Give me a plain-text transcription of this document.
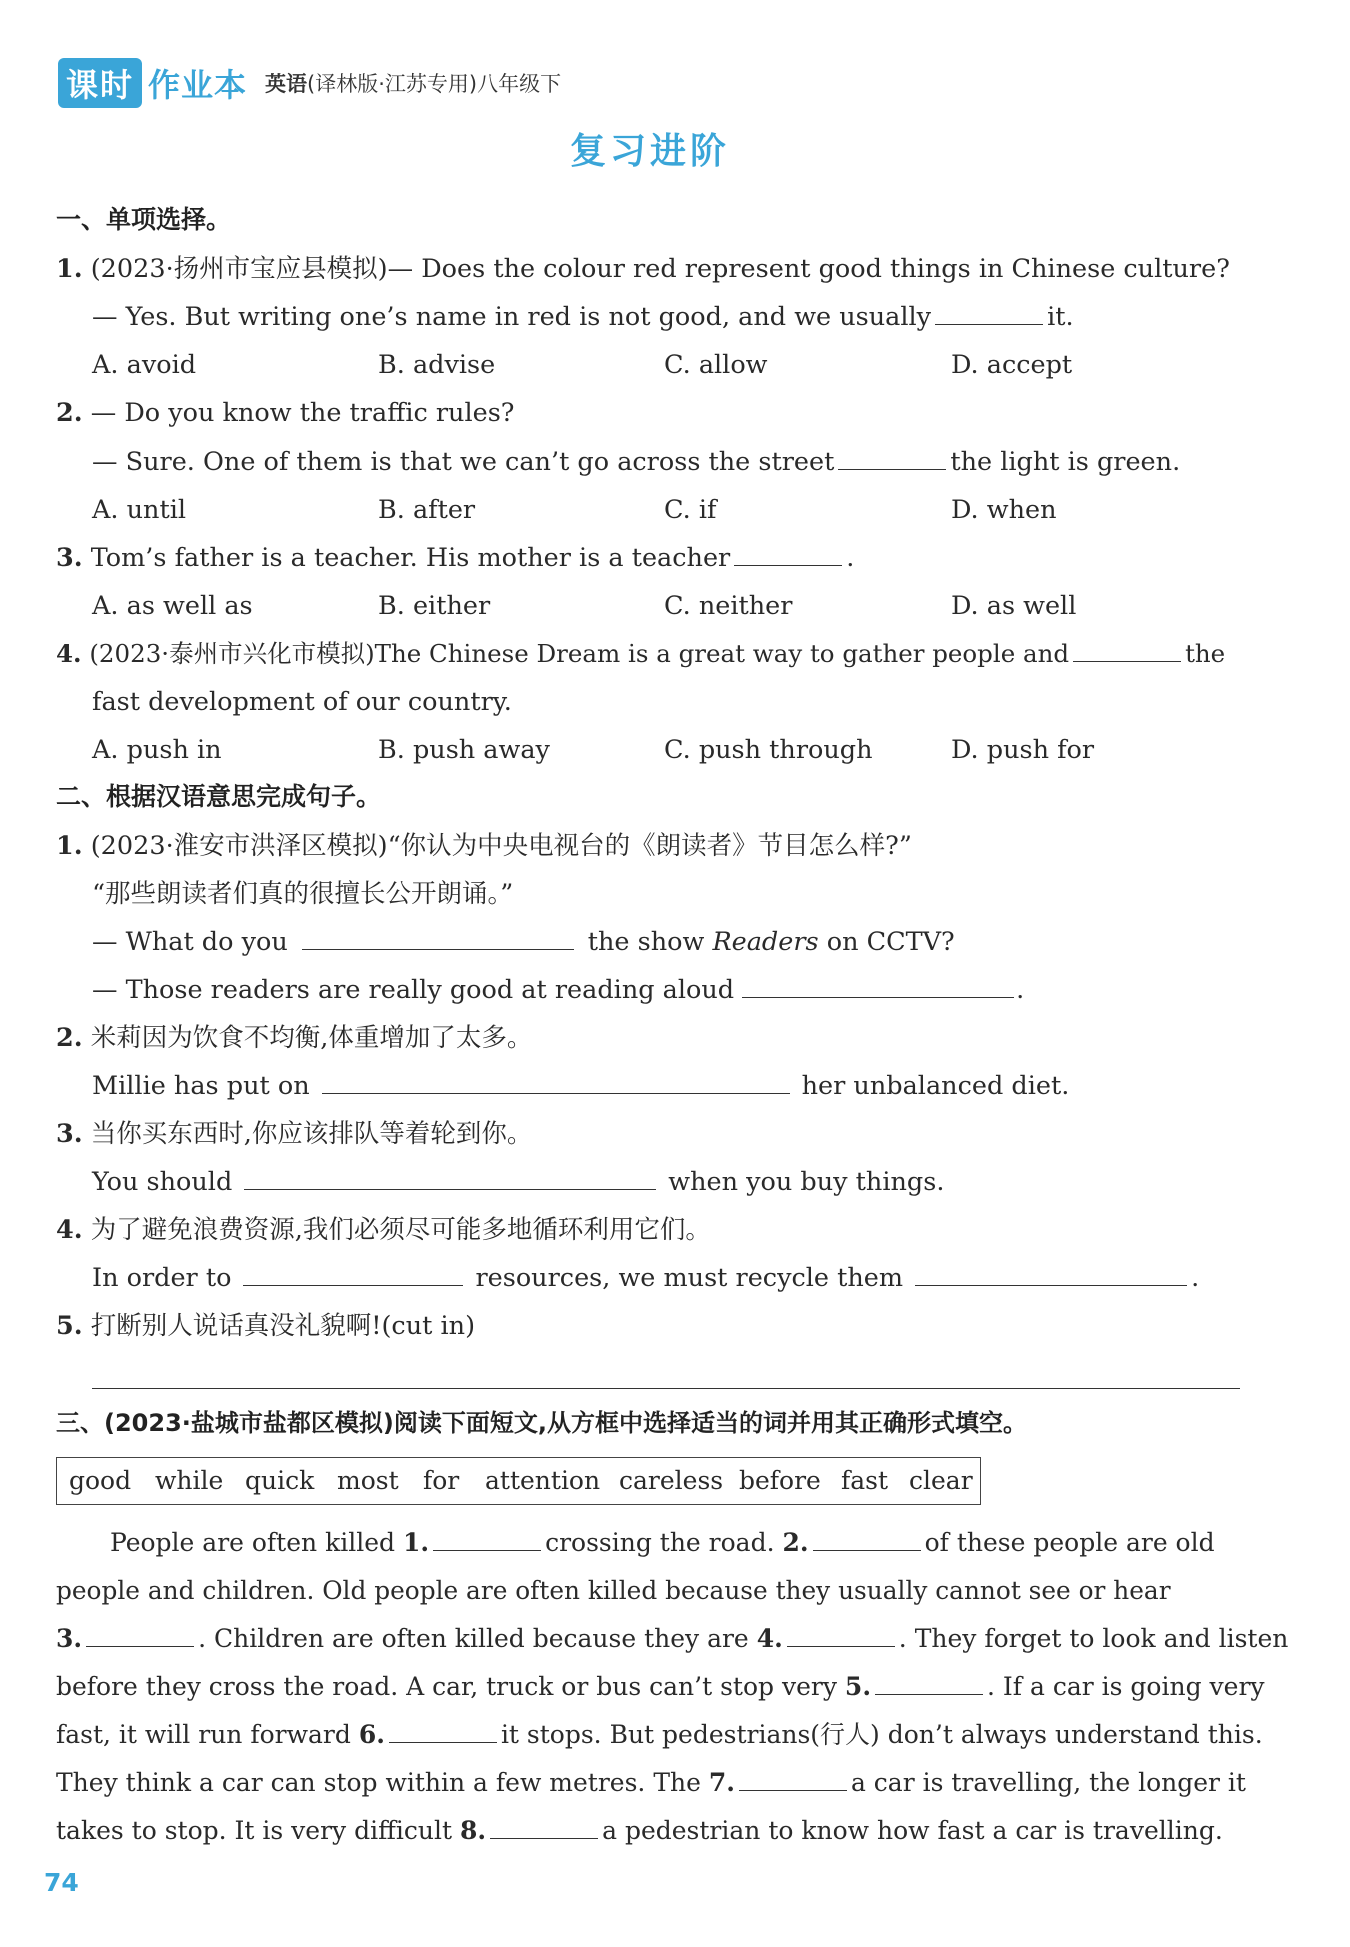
课时 作业本 英语(译林版·江苏专用)八年级下
复习进阶
一、单项选择。
1. (2023·扬州市宝应县模拟)— Does the colour red represent good things in Chinese culture?
— Yes. But writing one’s name in red is not good, and we usually	it.
A. avoid	B. advise	C. allow	D. accept
2. — Do you know the traffic rules?
— Sure. One of them is that we can’t go across the street	the light is green.
A. until	B. after	C. if	D. when
3. Tom’s father is a teacher. His mother is a teacher	.
A. as well as	B. either	C. neither	D. as well
4. (2023·泰州市兴化市模拟)The Chinese Dream is a great way to gather people and	the
fast development of our country.
A. push in	B. push away	C. push through	D. push for
二、根据汉语意思完成句子。
1. (2023·淮安市洪泽区模拟)“你认为中央电视台的《朗读者》节目怎么样?”
“那些朗读者们真的很擅长公开朗诵。”
— What do you	the show Readers on CCTV?
— Those readers are really good at reading aloud	.
2. 米莉因为饮食不均衡,体重增加了太多。
Millie has put on	her unbalanced diet.
3. 当你买东西时,你应该排队等着轮到你。
You should	when you buy things.
4. 为了避免浪费资源,我们必须尽可能多地循环利用它们。
In order to	resources, we must recycle them	.
5. 打断别人说话真没礼貌啊!(cut in)
三、(2023·盐城市盐都区模拟)阅读下面短文,从方框中选择适当的词并用其正确形式填空。
good while quick most for attention careless before fast clear
People are often killed 1.	crossing the road. 2.	of these people are old
people and children. Old people are often killed because they usually cannot see or hear
3.	. Children are often killed because they are 4.	. They forget to look and listen
before they cross the road. A car, truck or bus can’t stop very 5.	. If a car is going very
fast, it will run forward 6.	it stops. But pedestrians(行人) don’t always understand this.
They think a car can stop within a few metres. The 7.	a car is travelling, the longer it
takes to stop. It is very difficult 8.	a pedestrian to know how fast a car is travelling.
74
